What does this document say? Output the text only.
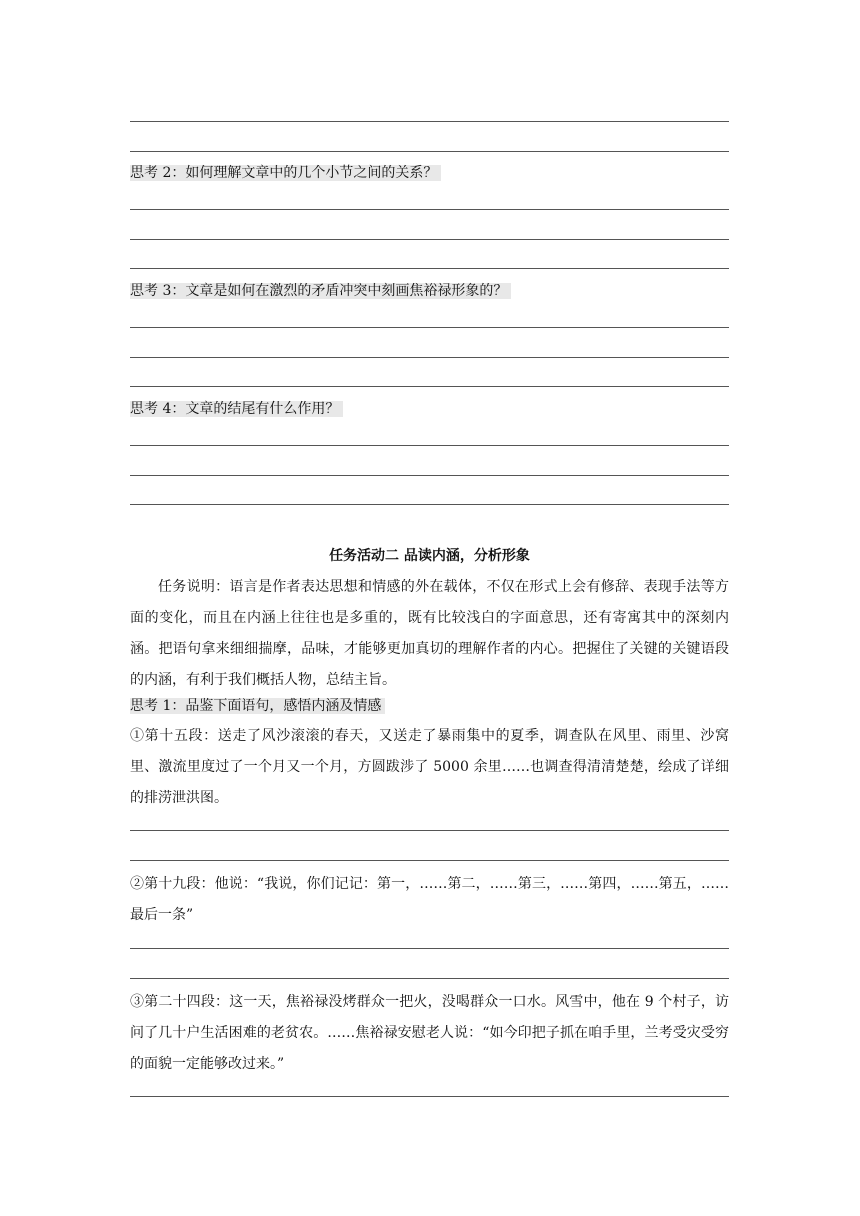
思考 2：如何理解文章中的几个小节之间的关系？
思考 3：文章是如何在激烈的矛盾冲突中刻画焦裕禄形象的？
思考 4：文章的结尾有什么作用？
任务活动二 品读内涵，分析形象
任务说明：语言是作者表达思想和情感的外在载体，不仅在形式上会有修辞、表现手法等方面的变化，而且在内涵上往往也是多重的，既有比较浅白的字面意思，还有寄寓其中的深刻内涵。把语句拿来细细揣摩，品味，才能够更加真切的理解作者的内心。把握住了关键的关键语段的内涵，有利于我们概括人物，总结主旨。
思考 1：品鉴下面语句，感悟内涵及情感
①第十五段：送走了风沙滚滚的春天，又送走了暴雨集中的夏季，调查队在风里、雨里、沙窝里、激流里度过了一个月又一个月，方圆跋涉了 5000 余里……也调查得清清楚楚，绘成了详细的排涝泄洪图。
②第十九段：他说：“我说，你们记记：第一，……第二，……第三，……第四，……第五，……最后一条”
③第二十四段：这一天，焦裕禄没烤群众一把火，没喝群众一口水。风雪中，他在 9 个村子，访问了几十户生活困难的老贫农。……焦裕禄安慰老人说：“如今印把子抓在咱手里，兰考受灾受穷的面貌一定能够改过来。”
